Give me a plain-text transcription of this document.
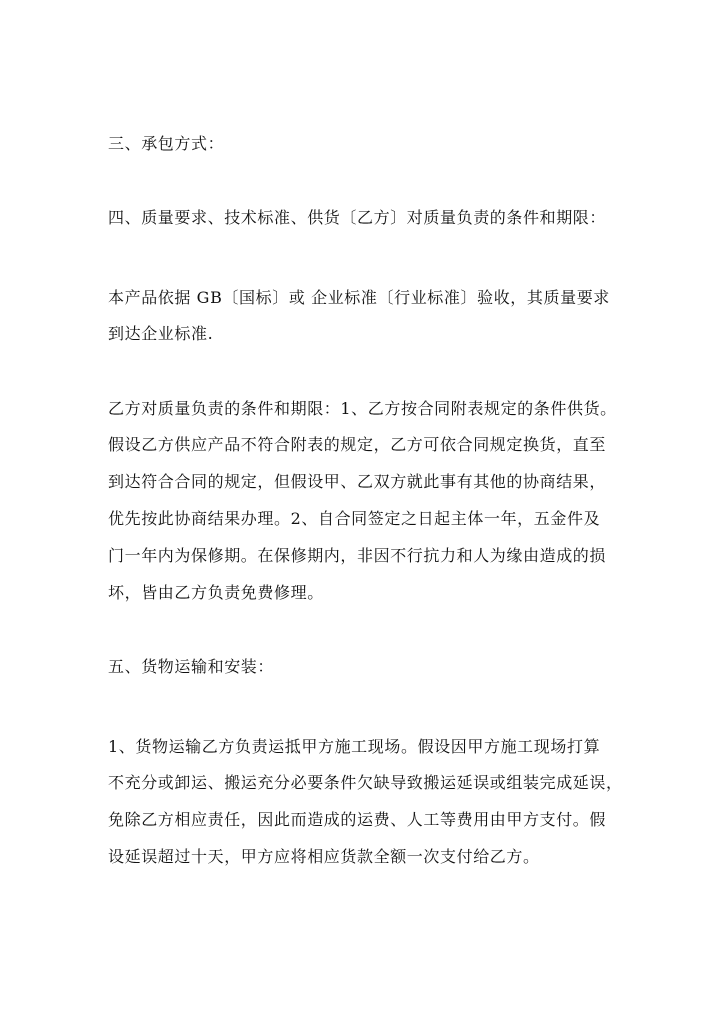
三、承包方式：
四、质量要求、技术标准、供货〔乙方〕对质量负责的条件和期限：
本产品依据 GB〔国标〕或 企业标准〔行业标准〕验收，其质量要求
到达企业标准.
乙方对质量负责的条件和期限：1、乙方按合同附表规定的条件供货。
假设乙方供应产品不符合附表的规定，乙方可依合同规定换货，直至
到达符合合同的规定，但假设甲、乙双方就此事有其他的协商结果，
优先按此协商结果办理。2、自合同签定之日起主体一年，五金件及
门一年内为保修期。在保修期内，非因不行抗力和人为缘由造成的损
坏，皆由乙方负责免费修理。
五、货物运输和安装：
1、货物运输乙方负责运抵甲方施工现场。假设因甲方施工现场打算
不充分或卸运、搬运充分必要条件欠缺导致搬运延误或组装完成延误，
免除乙方相应责任，因此而造成的运费、人工等费用由甲方支付。假
设延误超过十天，甲方应将相应货款全额一次支付给乙方。
